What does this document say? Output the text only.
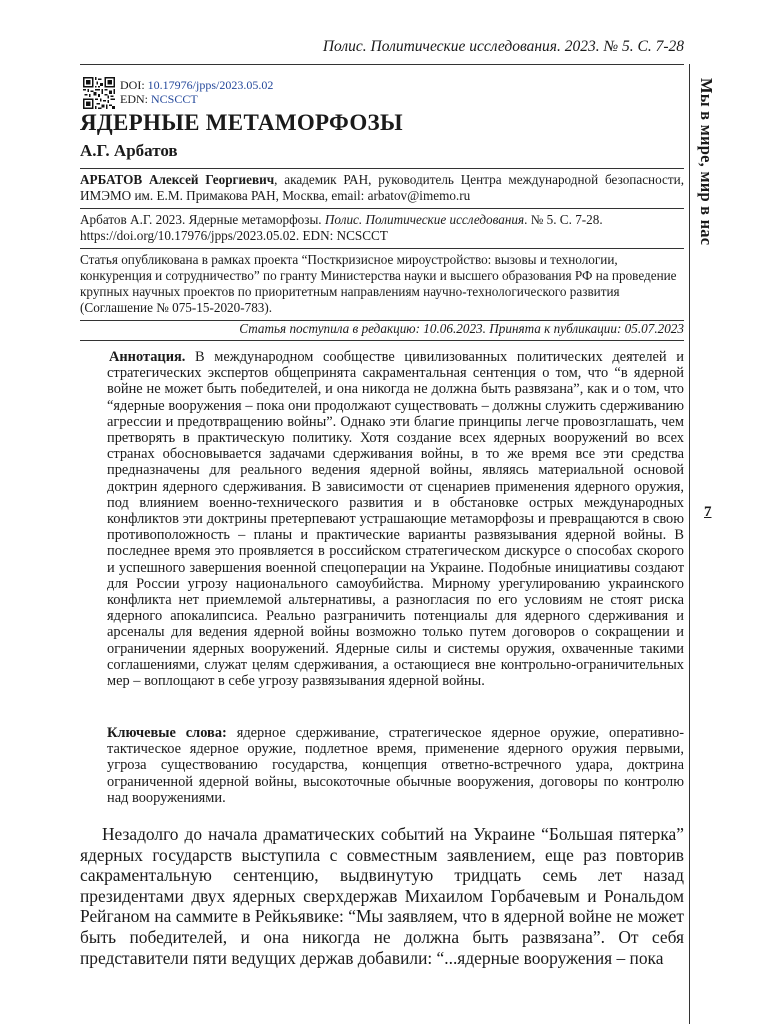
Полис. Политические исследования. 2023. № 5. С. 7-28
DOI: 10.17976/jpps/2023.05.02
EDN: NCSCCT
ЯДЕРНЫЕ МЕТАМОРФОЗЫ
А.Г. Арбатов
АРБАТОВ Алексей Георгиевич, академик РАН, руководитель Центра международной безопасности, ИМЭМО им. Е.М. Примакова РАН, Москва, email: arbatov@imemo.ru
Арбатов А.Г. 2023. Ядерные метаморфозы. Полис. Политические исследования. № 5. С. 7-28. https://doi.org/10.17976/jpps/2023.05.02. EDN: NCSCCT
Статья опубликована в рамках проекта “Посткризисное мироустройство: вызовы и технологии, конкуренция и сотрудничество” по гранту Министерства науки и высшего образования РФ на проведение крупных научных проектов по приоритетным направлениям научно-технологического развития (Соглашение № 075-15-2020-783).
Статья поступила в редакцию: 10.06.2023. Принята к публикации: 05.07.2023
Аннотация. В международном сообществе цивилизованных политических деятелей и стратегических экспертов общепринята сакраментальная сентенция о том, что “в ядерной войне не может быть победителей, и она никогда не должна быть развязана”, как и о том, что “ядерные вооружения – пока они продолжают существовать – должны служить сдерживанию агрессии и предотвращению войны”. Однако эти благие принципы легче провозглашать, чем претворять в практическую политику. Хотя создание всех ядерных вооружений во всех странах обосновывается задачами сдерживания войны, в то же время все эти средства предназначены для реального ведения ядерной войны, являясь материальной основой доктрин ядерного сдерживания. В зависимости от сценариев применения ядерного оружия, под влиянием военно-технического развития и в обстановке острых международных конфликтов эти доктрины претерпевают устрашающие метаморфозы и превращаются в свою противоположность – планы и практические варианты развязывания ядерной войны. В последнее время это проявляется в российском стратегическом дискурсе о способах скорого и успешного завершения военной спецоперации на Украине. Подобные инициативы создают для России угрозу национального самоубийства. Мирному урегулированию украинского конфликта нет приемлемой альтернативы, а разногласия по его условиям не стоят риска ядерного апокалипсиса. Реально разграничить потенциалы для ядерного сдерживания и арсеналы для ведения ядерной войны возможно только путем договоров о сокращении и ограничении ядерных вооружений. Ядерные силы и системы оружия, охваченные такими соглашениями, служат целям сдерживания, а остающиеся вне контрольно-ограничительных мер – воплощают в себе угрозу развязывания ядерной войны.
Ключевые слова: ядерное сдерживание, стратегическое ядерное оружие, оперативно-тактическое ядерное оружие, подлетное время, применение ядерного оружия первыми, угроза существованию государства, концепция ответно-встречного удара, доктрина ограниченной ядерной войны, высокоточные обычные вооружения, договоры по контролю над вооружениями.
Незадолго до начала драматических событий на Украине “Большая пятерка” ядерных государств выступила с совместным заявлением, еще раз повторив сакраментальную сентенцию, выдвинутую тридцать семь лет назад президентами двух ядерных сверхдержав Михаилом Горбачевым и Рональдом Рейганом на саммите в Рейкьявике: “Мы заявляем, что в ядерной войне не может быть победителей, и она никогда не должна быть развязана”. От себя представители пяти ведущих держав добавили: “...ядерные вооружения – пока
Мы в мире, мир в нас
7
